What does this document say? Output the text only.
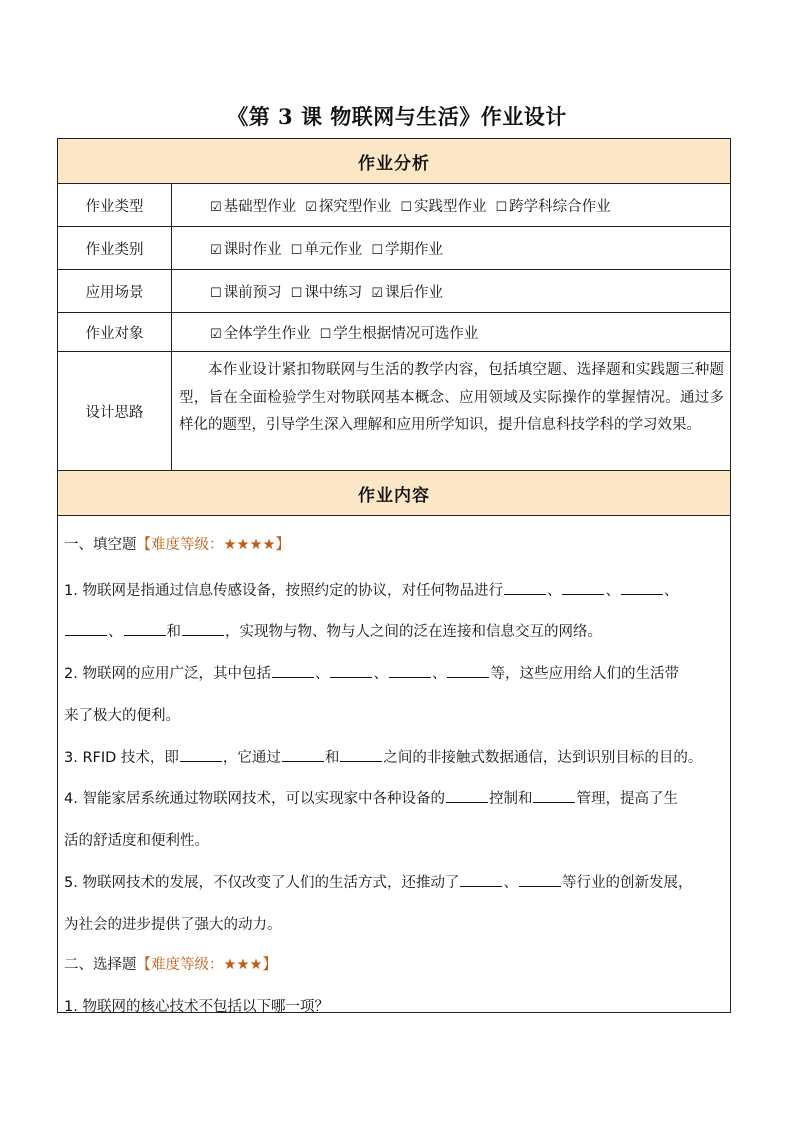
《第 3 课 物联网与生活》作业设计
作业分析
作业类型	☑ 基础型作业 ☑ 探究型作业 ☐ 实践型作业 ☐ 跨学科综合作业
作业类别	☑ 课时作业 ☐ 单元作业 ☐ 学期作业
应用场景	☐ 课前预习 ☐ 课中练习 ☑ 课后作业
作业对象	☑ 全体学生作业 ☐ 学生根据情况可选作业
设计思路
本作业设计紧扣物联网与生活的教学内容，包括填空题、选择题和实践题三种题型，旨在全面检验学生对物联网基本概念、应用领域及实际操作的掌握情况。通过多样化的题型，引导学生深入理解和应用所学知识，提升信息科技学科的学习效果。
作业内容
一、填空题【难度等级：★★★★】
1. 物联网是指通过信息传感设备，按照约定的协议，对任何物品进行	、	、	、
、	和	，实现物与物、物与人之间的泛在连接和信息交互的网络。
2. 物联网的应用广泛，其中包括	、	、	、	等，这些应用给人们的生活带
来了极大的便利。
3. RFID 技术，即	，它通过	和	之间的非接触式数据通信，达到识别目标的目的。
4. 智能家居系统通过物联网技术，可以实现家中各种设备的	控制和	管理，提高了生
活的舒适度和便利性。
5. 物联网技术的发展，不仅改变了人们的生活方式，还推动了	、	等行业的创新发展，
为社会的进步提供了强大的动力。
二、选择题【难度等级：★★★】
1. 物联网的核心技术不包括以下哪一项？
